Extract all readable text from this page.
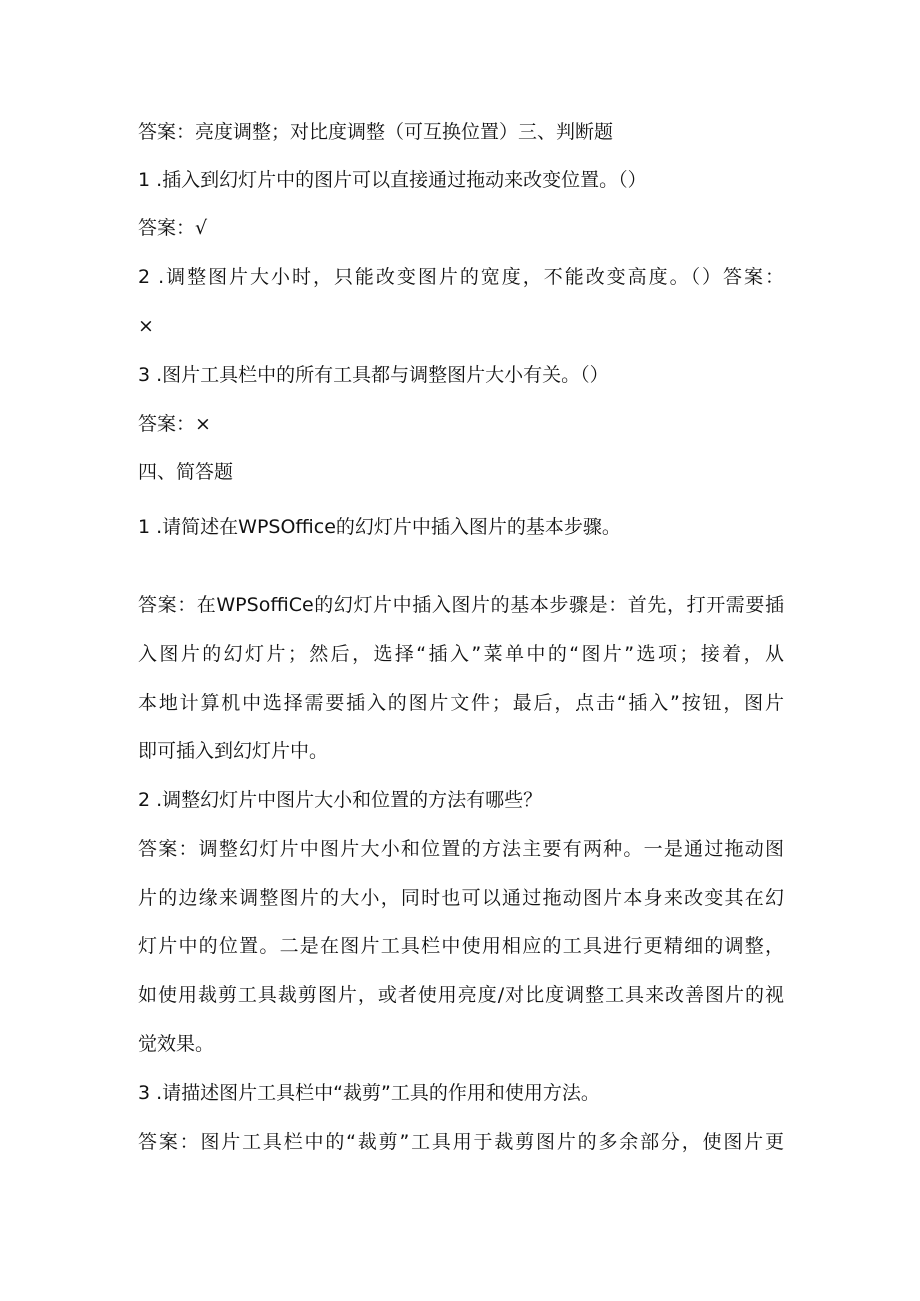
答案：亮度调整；对比度调整（可互换位置）三、判断题

1 .插入到幻灯片中的图片可以直接通过拖动来改变位置。（）

答案：√

2 .调整图片大小时，只能改变图片的宽度，不能改变高度。（）答案：

×

3 .图片工具栏中的所有工具都与调整图片大小有关。（）

答案：×

四、简答题

1 .请简述在WPSOffice的幻灯片中插入图片的基本步骤。

答案：在WPSoffiCe的幻灯片中插入图片的基本步骤是：首先，打开需要插

入图片的幻灯片；然后，选择“插入”菜单中的“图片”选项；接着，从

本地计算机中选择需要插入的图片文件；最后，点击“插入”按钮，图片

即可插入到幻灯片中。

2 .调整幻灯片中图片大小和位置的方法有哪些？

答案：调整幻灯片中图片大小和位置的方法主要有两种。一是通过拖动图

片的边缘来调整图片的大小，同时也可以通过拖动图片本身来改变其在幻

灯片中的位置。二是在图片工具栏中使用相应的工具进行更精细的调整，

如使用裁剪工具裁剪图片，或者使用亮度/对比度调整工具来改善图片的视

觉效果。

3 .请描述图片工具栏中“裁剪”工具的作用和使用方法。

答案：图片工具栏中的“裁剪”工具用于裁剪图片的多余部分，使图片更
